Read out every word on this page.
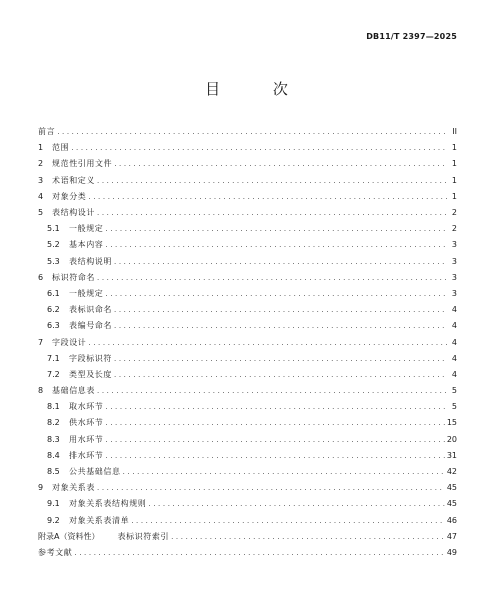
DB11/T 2397—2025
目 次
前言 .....	II
1	范围 .....	1
2	规范性引用文件 .....	1
3	术语和定义 .....	1
4	对象分类 .....	1
5	表结构设计 .....	2
5.1	一般规定 .....	2
5.2	基本内容 .....	3
5.3	表结构说明 .....	3
6	标识符命名 .....	3
6.1	一般规定 .....	3
6.2	表标识命名 .....	4
6.3	表编号命名 .....	4
7	字段设计 .....	4
7.1	字段标识符 .....	4
7.2	类型及长度 .....	4
8	基础信息表 .....	5
8.1	取水环节 .....	5
8.2	供水环节 .....	15
8.3	用水环节 .....	20
8.4	排水环节 .....	31
8.5	公共基础信息 .....	42
9	对象关系表 .....	45
9.1	对象关系表结构规则 .....	45
9.2	对象关系表清单 .....	46
附录A（资料性） 表标识符索引 .....	47
参考文献 .....	49
